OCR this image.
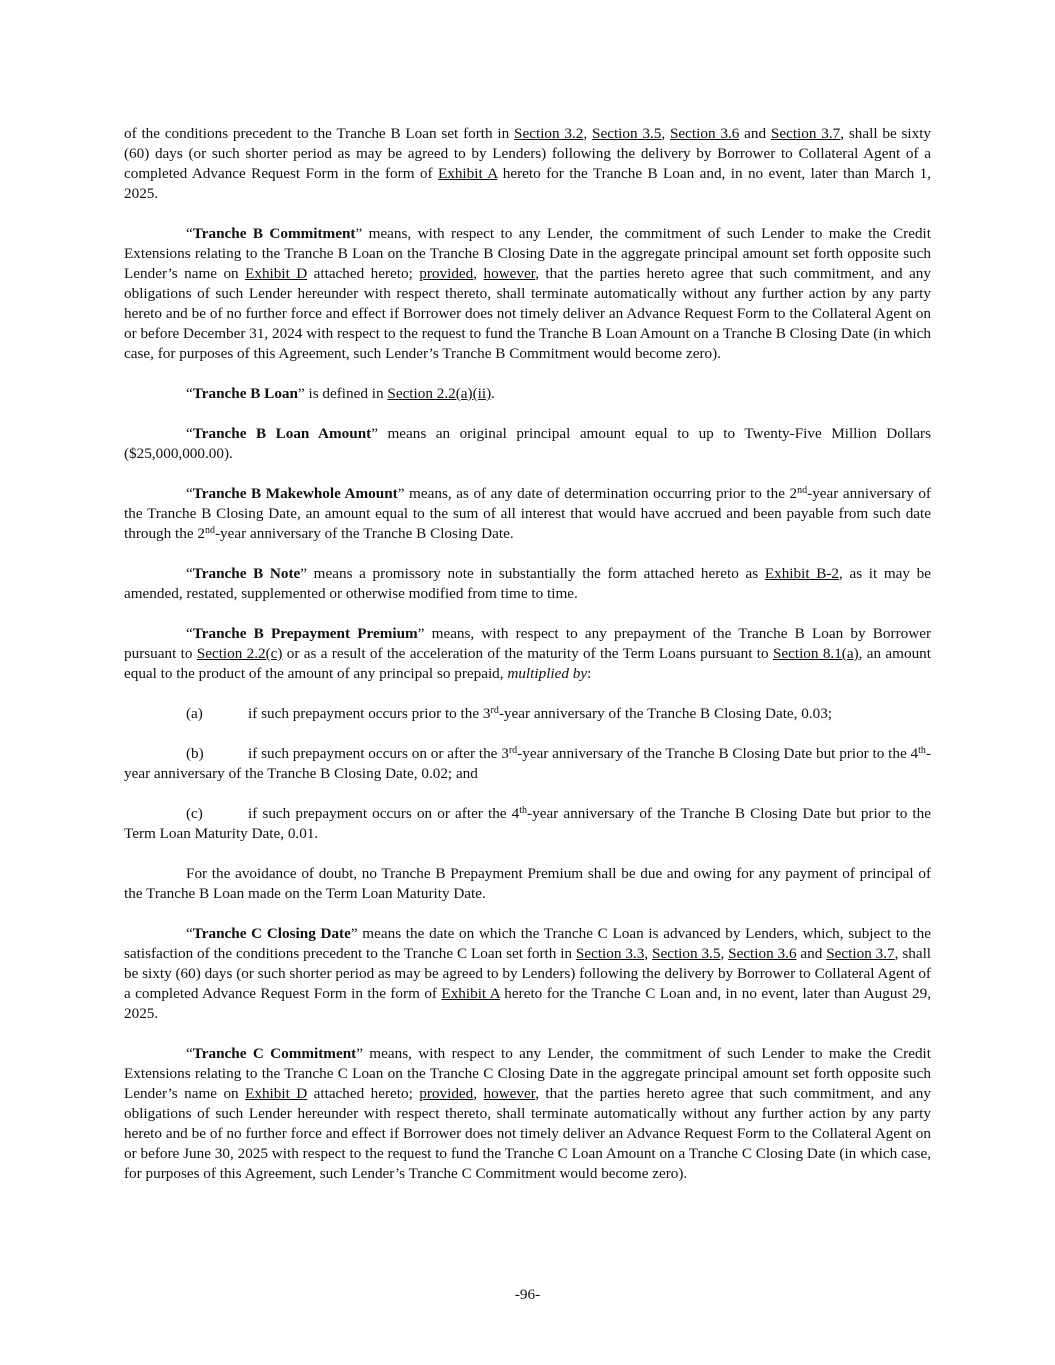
of the conditions precedent to the Tranche B Loan set forth in Section 3.2, Section 3.5, Section 3.6 and Section 3.7, shall be sixty (60) days (or such shorter period as may be agreed to by Lenders) following the delivery by Borrower to Collateral Agent of a completed Advance Request Form in the form of Exhibit A hereto for the Tranche B Loan and, in no event, later than March 1, 2025.

“Tranche B Commitment” means, with respect to any Lender, the commitment of such Lender to make the Credit Extensions relating to the Tranche B Loan on the Tranche B Closing Date in the aggregate principal amount set forth opposite such Lender’s name on Exhibit D attached hereto; provided, however, that the parties hereto agree that such commitment, and any obligations of such Lender hereunder with respect thereto, shall terminate automatically without any further action by any party hereto and be of no further force and effect if Borrower does not timely deliver an Advance Request Form to the Collateral Agent on or before December 31, 2024 with respect to the request to fund the Tranche B Loan Amount on a Tranche B Closing Date (in which case, for purposes of this Agreement, such Lender’s Tranche B Commitment would become zero).

“Tranche B Loan” is defined in Section 2.2(a)(ii).

“Tranche B Loan Amount” means an original principal amount equal to up to Twenty-Five Million Dollars ($25,000,000.00).

“Tranche B Makewhole Amount” means, as of any date of determination occurring prior to the 2nd-year anniversary of the Tranche B Closing Date, an amount equal to the sum of all interest that would have accrued and been payable from such date through the 2nd-year anniversary of the Tranche B Closing Date.

“Tranche B Note” means a promissory note in substantially the form attached hereto as Exhibit B-2, as it may be amended, restated, supplemented or otherwise modified from time to time.

“Tranche B Prepayment Premium” means, with respect to any prepayment of the Tranche B Loan by Borrower pursuant to Section 2.2(c) or as a result of the acceleration of the maturity of the Term Loans pursuant to Section 8.1(a), an amount equal to the product of the amount of any principal so prepaid, multiplied by:

(a)	if such prepayment occurs prior to the 3rd-year anniversary of the Tranche B Closing Date, 0.03;

(b)	if such prepayment occurs on or after the 3rd-year anniversary of the Tranche B Closing Date but prior to the 4th-year anniversary of the Tranche B Closing Date, 0.02; and

(c)	if such prepayment occurs on or after the 4th-year anniversary of the Tranche B Closing Date but prior to the Term Loan Maturity Date, 0.01.

For the avoidance of doubt, no Tranche B Prepayment Premium shall be due and owing for any payment of principal of the Tranche B Loan made on the Term Loan Maturity Date.

“Tranche C Closing Date” means the date on which the Tranche C Loan is advanced by Lenders, which, subject to the satisfaction of the conditions precedent to the Tranche C Loan set forth in Section 3.3, Section 3.5, Section 3.6 and Section 3.7, shall be sixty (60) days (or such shorter period as may be agreed to by Lenders) following the delivery by Borrower to Collateral Agent of a completed Advance Request Form in the form of Exhibit A hereto for the Tranche C Loan and, in no event, later than August 29, 2025.

“Tranche C Commitment” means, with respect to any Lender, the commitment of such Lender to make the Credit Extensions relating to the Tranche C Loan on the Tranche C Closing Date in the aggregate principal amount set forth opposite such Lender’s name on Exhibit D attached hereto; provided, however, that the parties hereto agree that such commitment, and any obligations of such Lender hereunder with respect thereto, shall terminate automatically without any further action by any party hereto and be of no further force and effect if Borrower does not timely deliver an Advance Request Form to the Collateral Agent on or before June 30, 2025 with respect to the request to fund the Tranche C Loan Amount on a Tranche C Closing Date (in which case, for purposes of this Agreement, such Lender’s Tranche C Commitment would become zero).

-96-
